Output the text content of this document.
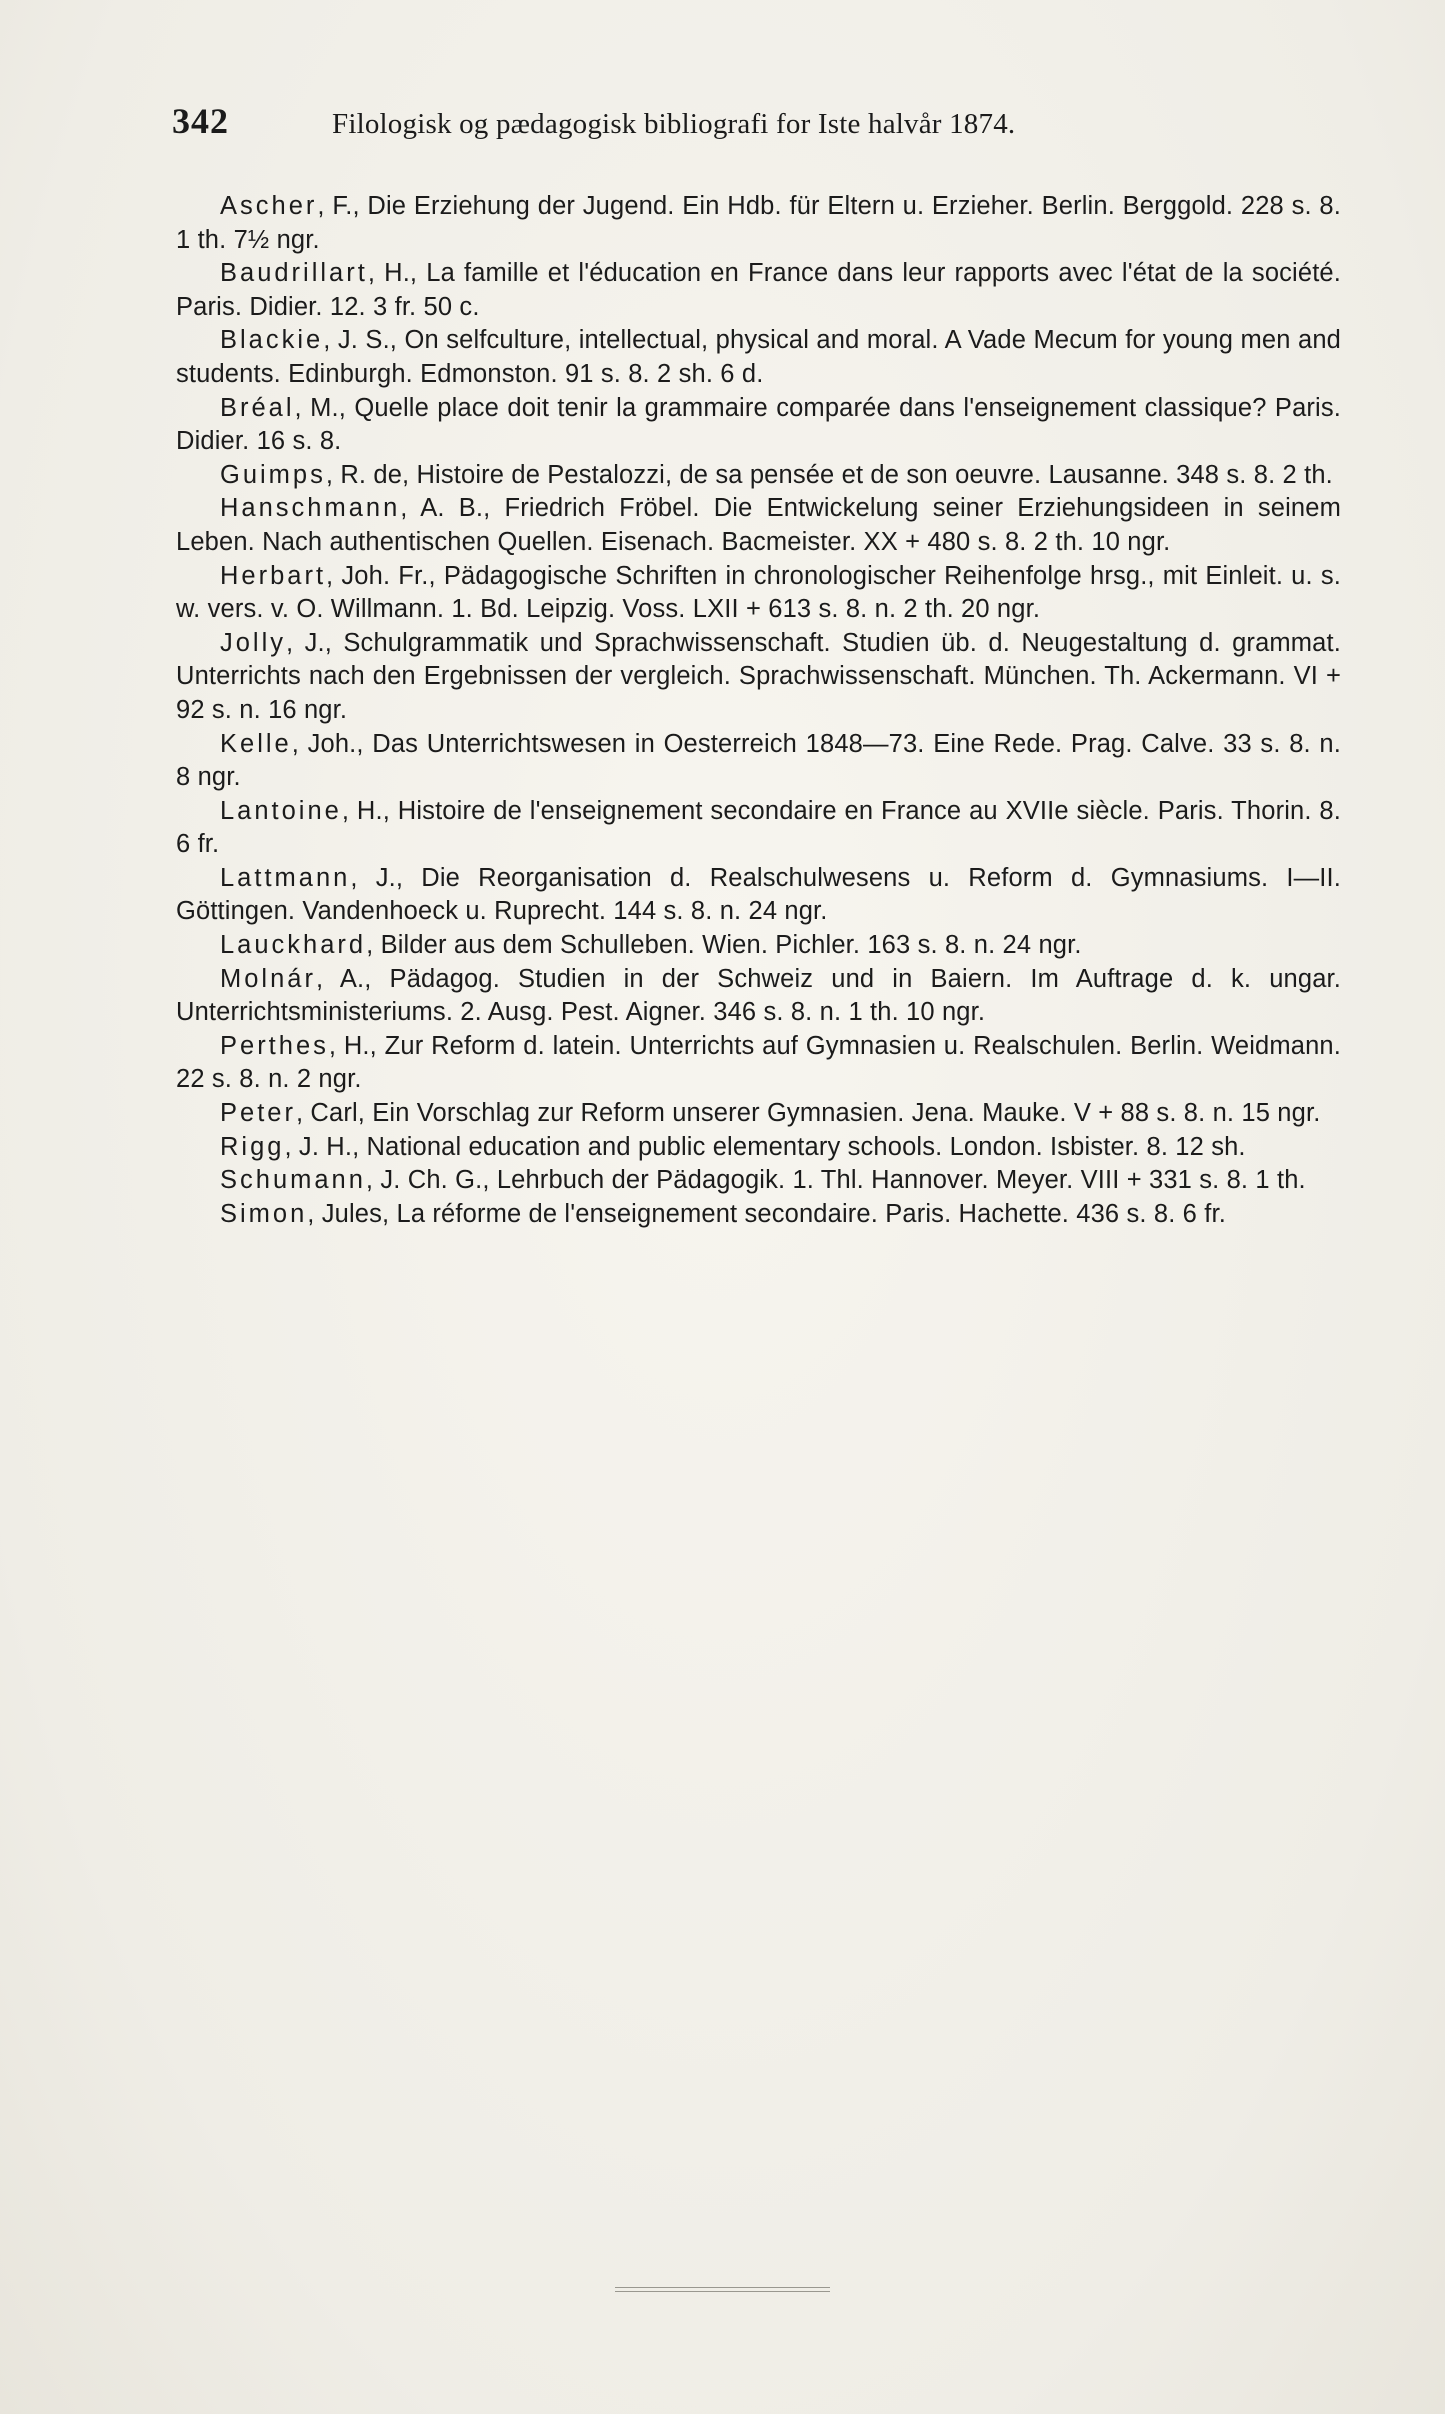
342	Filologisk og pædagogisk bibliografi for Iste halvår 1874.

Ascher, F., Die Erziehung der Jugend. Ein Hdb. für Eltern u. Erzieher. Berlin. Berggold. 228 s. 8. 1 th. 7½ ngr.

Baudrillart, H., La famille et l'éducation en France dans leur rapports avec l'état de la société. Paris. Didier. 12. 3 fr. 50 c.

Blackie, J. S., On selfculture, intellectual, physical and moral. A Vade Mecum for young men and students. Edinburgh. Edmonston. 91 s. 8. 2 sh. 6 d.

Bréal, M., Quelle place doit tenir la grammaire comparée dans l'enseignement classique? Paris. Didier. 16 s. 8.

Guimps, R. de, Histoire de Pestalozzi, de sa pensée et de son oeuvre. Lausanne. 348 s. 8. 2 th.

Hanschmann, A. B., Friedrich Fröbel. Die Entwickelung seiner Erziehungsideen in seinem Leben. Nach authentischen Quellen. Eisenach. Bacmeister. XX + 480 s. 8. 2 th. 10 ngr.

Herbart, Joh. Fr., Pädagogische Schriften in chronologischer Reihenfolge hrsg., mit Einleit. u. s. w. vers. v. O. Willmann. 1. Bd. Leipzig. Voss. LXII + 613 s. 8. n. 2 th. 20 ngr.

Jolly, J., Schulgrammatik und Sprachwissenschaft. Studien üb. d. Neugestaltung d. grammat. Unterrichts nach den Ergebnissen der vergleich. Sprachwissenschaft. München. Th. Ackermann. VI + 92 s. n. 16 ngr.

Kelle, Joh., Das Unterrichtswesen in Oesterreich 1848—73. Eine Rede. Prag. Calve. 33 s. 8. n. 8 ngr.

Lantoine, H., Histoire de l'enseignement secondaire en France au XVIIe siècle. Paris. Thorin. 8. 6 fr.

Lattmann, J., Die Reorganisation d. Realschulwesens u. Reform d. Gymnasiums. I—II. Göttingen. Vandenhoeck u. Ruprecht. 144 s. 8. n. 24 ngr.

Lauckhard, Bilder aus dem Schulleben. Wien. Pichler. 163 s. 8. n. 24 ngr.

Molnár, A., Pädagog. Studien in der Schweiz und in Baiern. Im Auftrage d. k. ungar. Unterrichtsministeriums. 2. Ausg. Pest. Aigner. 346 s. 8. n. 1 th. 10 ngr.

Perthes, H., Zur Reform d. latein. Unterrichts auf Gymnasien u. Realschulen. Berlin. Weidmann. 22 s. 8. n. 2 ngr.

Peter, Carl, Ein Vorschlag zur Reform unserer Gymnasien. Jena. Mauke. V + 88 s. 8. n. 15 ngr.

Rigg, J. H., National education and public elementary schools. London. Isbister. 8. 12 sh.

Schumann, J. Ch. G., Lehrbuch der Pädagogik. 1. Thl. Hannover. Meyer. VIII + 331 s. 8. 1 th.

Simon, Jules, La réforme de l'enseignement secondaire. Paris. Hachette. 436 s. 8. 6 fr.
